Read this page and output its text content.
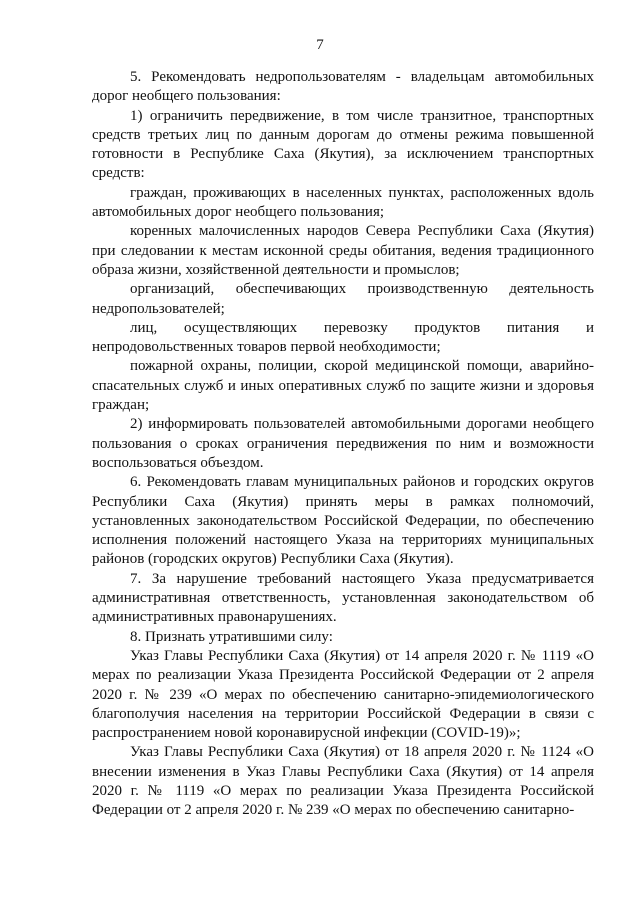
7

5. Рекомендовать недропользователям - владельцам автомобильных дорог необщего пользования:

1) ограничить передвижение, в том числе транзитное, транспортных средств третьих лиц по данным дорогам до отмены режима повышенной готовности в Республике Саха (Якутия), за исключением транспортных средств:

граждан, проживающих в населенных пунктах, расположенных вдоль автомобильных дорог необщего пользования;

коренных малочисленных народов Севера Республики Саха (Якутия) при следовании к местам исконной среды обитания, ведения традиционного образа жизни, хозяйственной деятельности и промыслов;

организаций, обеспечивающих производственную деятельность недропользователей;

лиц, осуществляющих перевозку продуктов питания и непродовольственных товаров первой необходимости;

пожарной охраны, полиции, скорой медицинской помощи, аварийно-спасательных служб и иных оперативных служб по защите жизни и здоровья граждан;

2) информировать пользователей автомобильными дорогами необщего пользования о сроках ограничения передвижения по ним и возможности воспользоваться объездом.

6. Рекомендовать главам муниципальных районов и городских округов Республики Саха (Якутия) принять меры в рамках полномочий, установленных законодательством Российской Федерации, по обеспечению исполнения положений настоящего Указа на территориях муниципальных районов (городских округов) Республики Саха (Якутия).

7. За нарушение требований настоящего Указа предусматривается административная ответственность, установленная законодательством об административных правонарушениях.

8. Признать утратившими силу:

Указ Главы Республики Саха (Якутия) от 14 апреля 2020 г. № 1119 «О мерах по реализации Указа Президента Российской Федерации от 2 апреля 2020 г. № 239 «О мерах по обеспечению санитарно-эпидемиологического благополучия населения на территории Российской Федерации в связи с распространением новой коронавирусной инфекции (COVID-19)»;

Указ Главы Республики Саха (Якутия) от 18 апреля 2020 г. № 1124 «О внесении изменения в Указ Главы Республики Саха (Якутия) от 14 апреля 2020 г. № 1119 «О мерах по реализации Указа Президента Российской Федерации от 2 апреля 2020 г. № 239 «О мерах по обеспечению санитарно-
